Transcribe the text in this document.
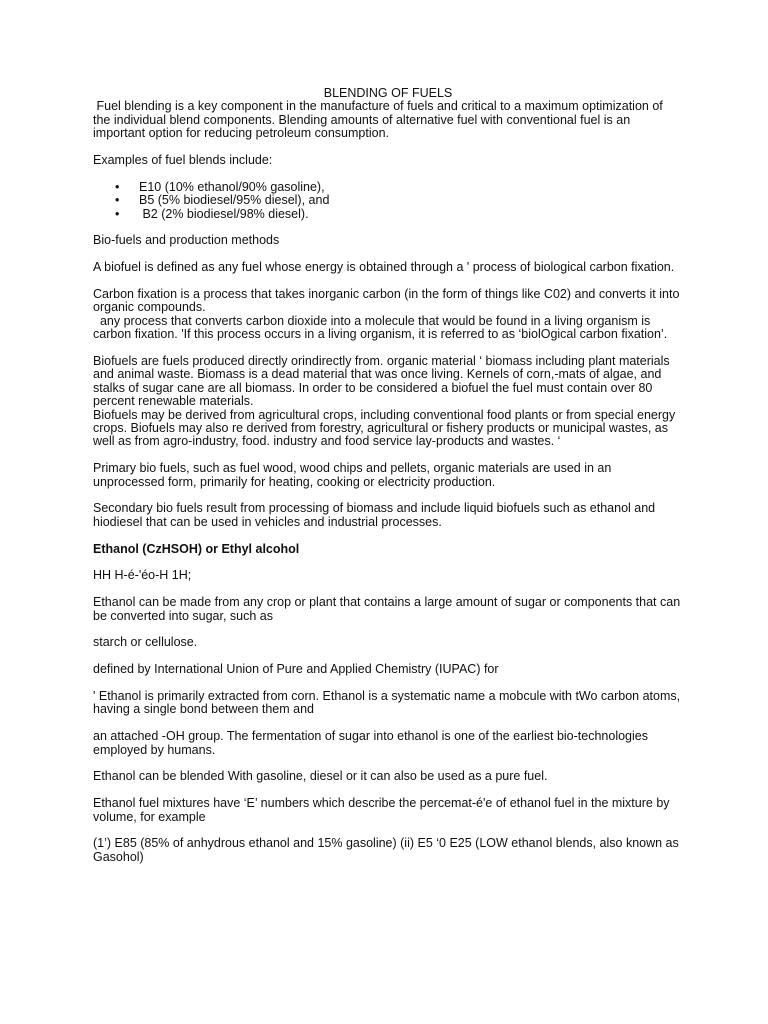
BLENDING OF FUELS

Fuel blending is a key component in the manufacture of fuels and critical to a maximum optimization of the individual blend components. Blending amounts of alternative fuel with conventional fuel is an important option for reducing petroleum consumption.

Examples of fuel blends include:

• E10 (10% ethanol/90% gasoline),
• B5 (5% biodiesel/95% diesel), and
• B2 (2% biodiesel/98% diesel).

Bio-fuels and production methods

A biofuel is defined as any fuel whose energy is obtained through a ' process of biological carbon fixation.

Carbon fixation is a process that takes inorganic carbon (in the form of things like C02) and converts it into organic compounds.

any process that converts carbon dioxide into a molecule that would be found in a living organism is carbon fixation. 'If this process occurs in a living organism, it is referred to as ‘biolOgical carbon fixation’.

Biofuels are fuels produced directly orindirectly from. organic material ‘ biomass including plant materials and animal waste. Biomass is a dead material that was once living. Kernels of corn,-mats of algae, and stalks of sugar cane are all biomass. In order to be considered a biofuel the fuel must contain over 80 percent renewable materials.

Biofuels may be derived from agricultural crops, including conventional food plants or from special energy crops. Biofuels may also re derived from forestry, agricultural or fishery products or municipal wastes, as well as from agro-industry, food. industry and food service lay-products and wastes. ‘

Primary bio fuels, such as fuel wood, wood chips and pellets, organic materials are used in an unprocessed form, primarily for heating, cooking or electricity production.

Secondary bio fuels result from processing of biomass and include liquid biofuels such as ethanol and hiodiesel that can be used in vehicles and industrial processes.

Ethanol (CzHSOH) or Ethyl alcohol

HH H-é-'éo-H 1H;

Ethanol can be made from any crop or plant that contains a large amount of sugar or components that can be converted into sugar, such as

starch or cellulose.

defined by International Union of Pure and Applied Chemistry (IUPAC) for

' Ethanol is primarily extracted from corn. Ethanol is a systematic name a mobcule with tWo carbon atoms, having a single bond between them and

an attached -OH group. The fermentation of sugar into ethanol is one of the earliest bio-technologies employed by humans.

Ethanol can be blended With gasoline, diesel or it can also be used as a pure fuel.

Ethanol fuel mixtures have ‘E’ numbers which describe the percemat-é'e of ethanol fuel in the mixture by volume, for example

(1’) E85 (85% of anhydrous ethanol and 15% gasoline) (ii) E5 ‘0 E25 (LOW ethanol blends, also known as Gasohol)
